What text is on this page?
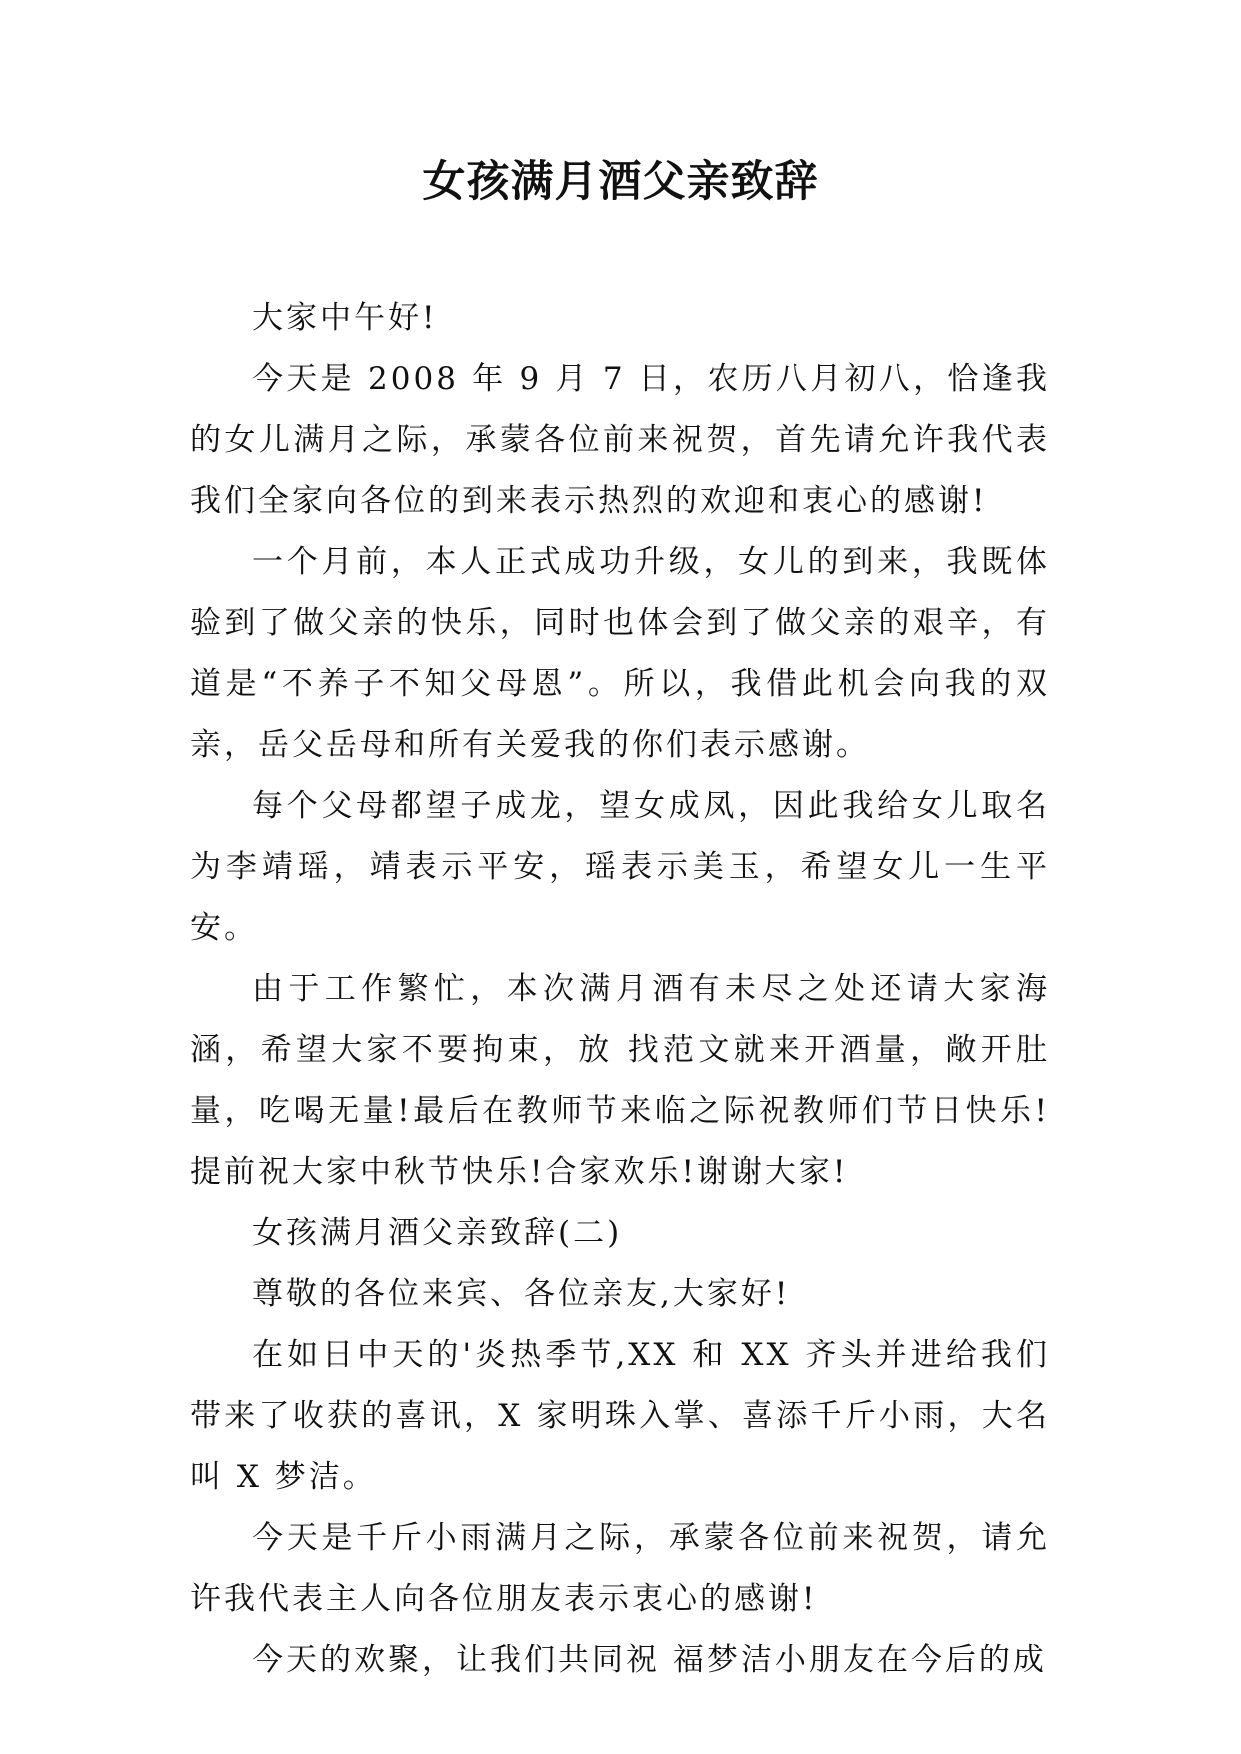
女孩满月酒父亲致辞

大家中午好!

今天是 2008 年 9 月 7 日，农历八月初八，恰逢我的女儿满月之际，承蒙各位前来祝贺，首先请允许我代表我们全家向各位的到来表示热烈的欢迎和衷心的感谢!

一个月前，本人正式成功升级，女儿的到来，我既体验到了做父亲的快乐，同时也体会到了做父亲的艰辛，有道是“不养子不知父母恩”。所以，我借此机会向我的双亲，岳父岳母和所有关爱我的你们表示感谢。

每个父母都望子成龙，望女成凤，因此我给女儿取名为李靖瑶，靖表示平安，瑶表示美玉，希望女儿一生平安。

由于工作繁忙，本次满月酒有未尽之处还请大家海涵，希望大家不要拘束，放 找范文就来开酒量，敞开肚量，吃喝无量!最后在教师节来临之际祝教师们节日快乐!提前祝大家中秋节快乐!合家欢乐!谢谢大家!

女孩满月酒父亲致辞(二)

尊敬的各位来宾、各位亲友,大家好!

在如日中天的'炎热季节,XX 和 XX 齐头并进给我们带来了收获的喜讯，X 家明珠入掌、喜添千斤小雨，大名叫 X 梦洁。

今天是千斤小雨满月之际，承蒙各位前来祝贺，请允许我代表主人向各位朋友表示衷心的感谢!

今天的欢聚，让我们共同祝 福梦洁小朋友在今后的成
